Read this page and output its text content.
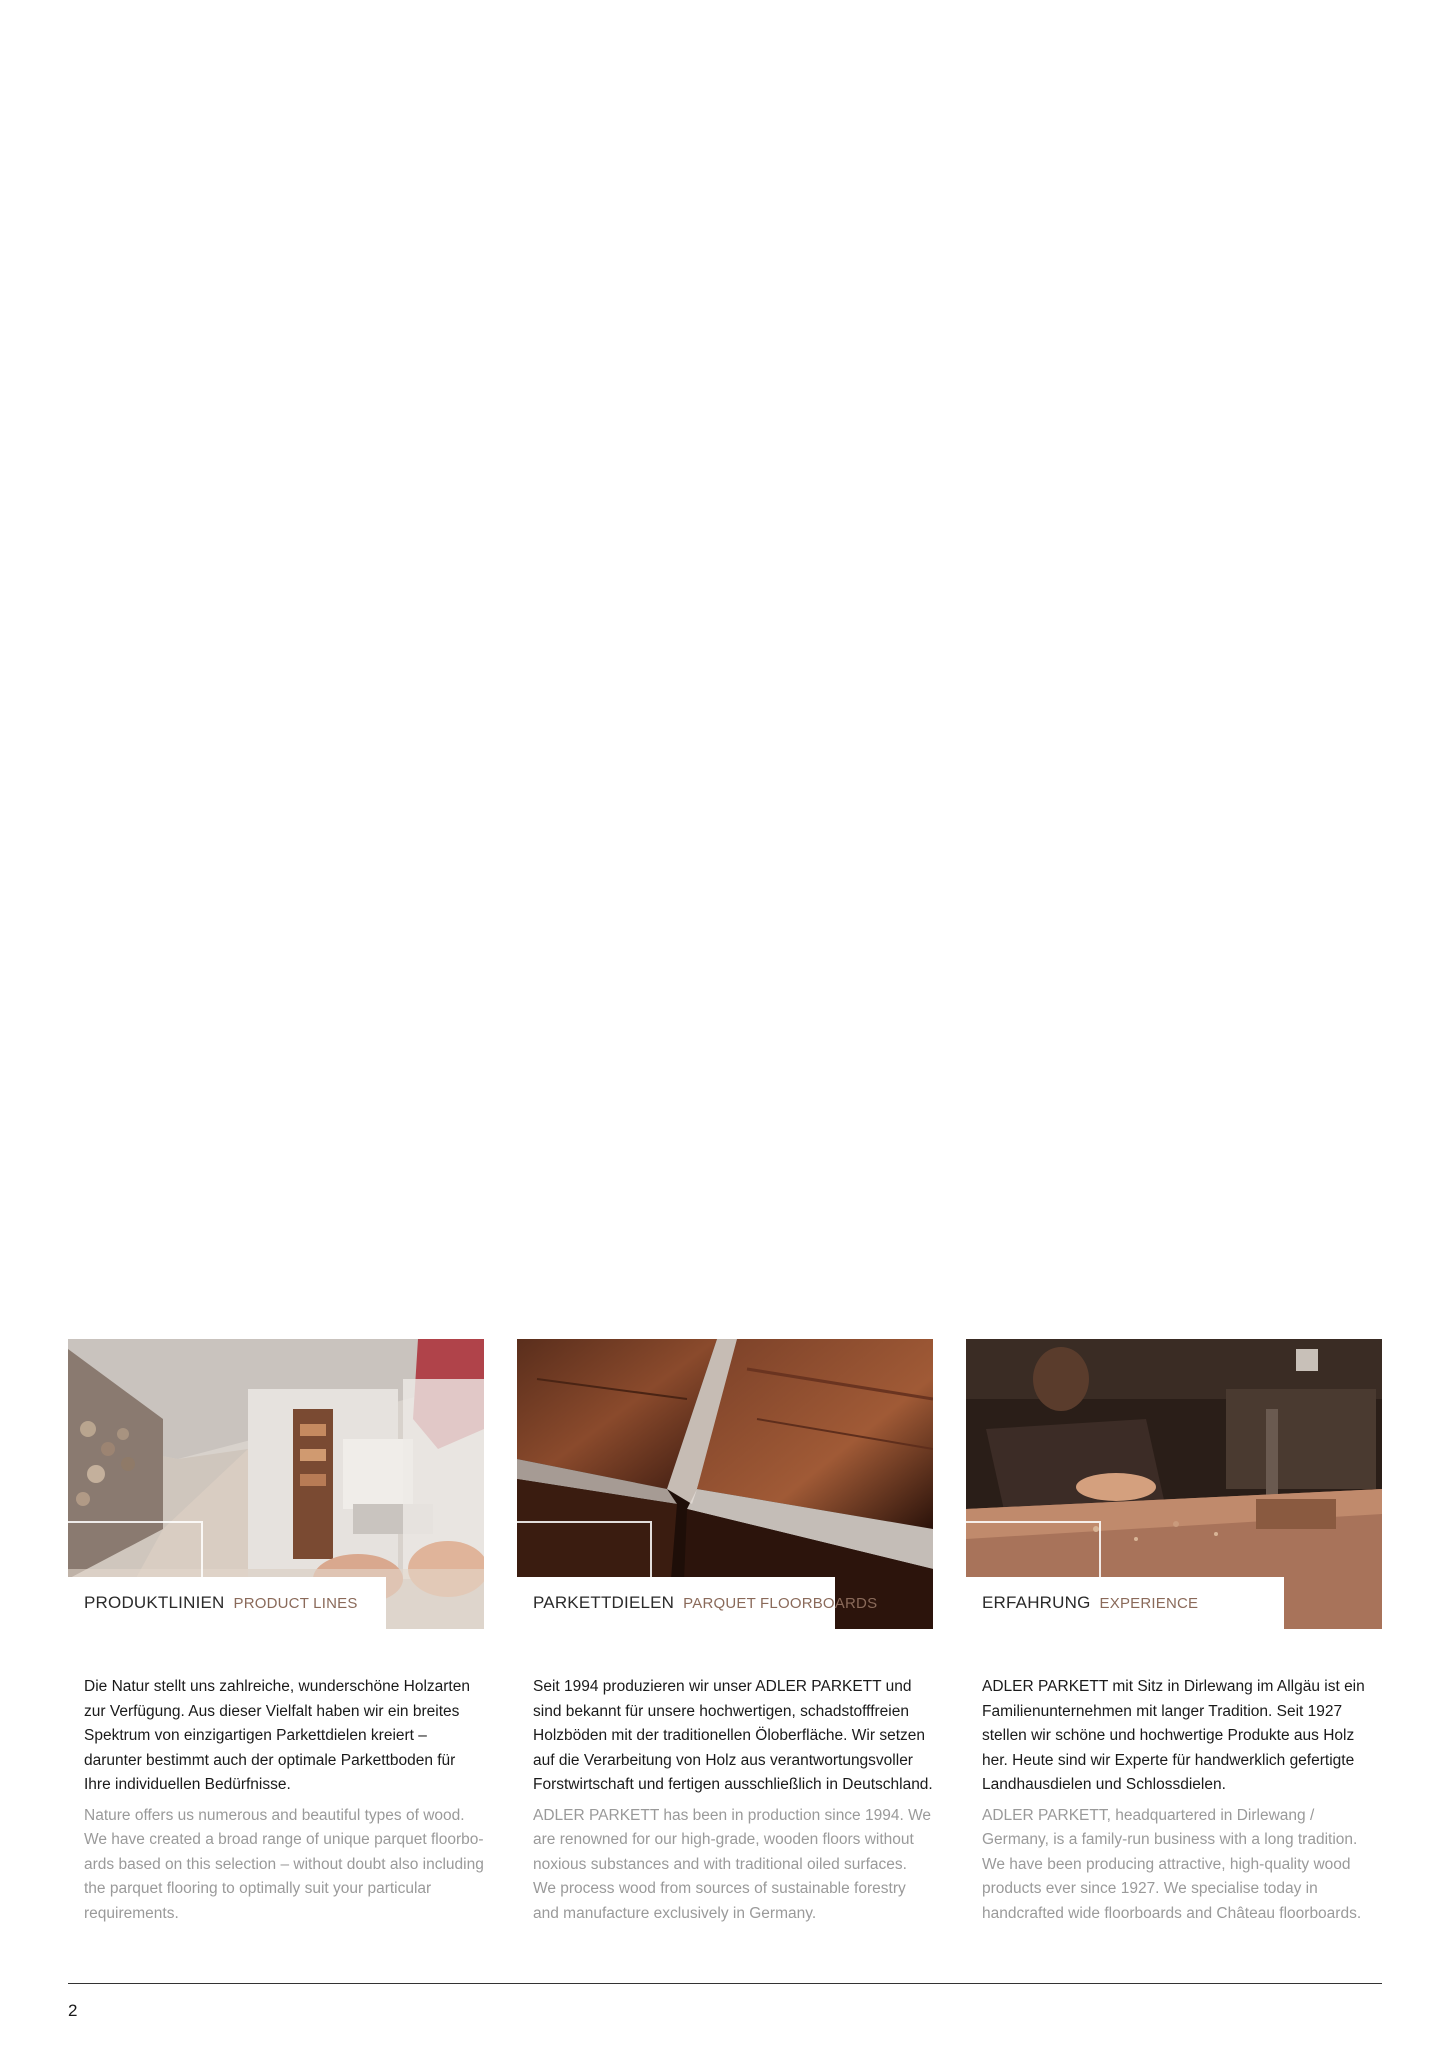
PRODUKTLINIEN PRODUCT LINES

Die Natur stellt uns zahlreiche, wunderschöne Holzarten zur Verfügung. Aus dieser Vielfalt haben wir ein breites Spektrum von einzigartigen Parkettdielen kreiert – darunter bestimmt auch der optimale Parkettboden für Ihre individuellen Bedürfnisse.

Nature offers us numerous and beautiful types of wood. We have created a broad range of unique parquet floorbo-ards based on this selection – without doubt also including the parquet flooring to optimally suit your particular requirements.

PARKETTDIELEN PARQUET FLOORBOARDS

Seit 1994 produzieren wir unser ADLER PARKETT und sind bekannt für unsere hochwertigen, schadstofffreien Holzböden mit der traditionellen Öloberfläche. Wir setzen auf die Verarbeitung von Holz aus verantwortungsvoller Forstwirtschaft und fertigen ausschließlich in Deutschland.

ADLER PARKETT has been in production since 1994. We are renowned for our high-grade, wooden floors without noxious substances and with traditional oiled surfaces. We process wood from sources of sustainable forestry and manufacture exclusively in Germany.

ERFAHRUNG EXPERIENCE

ADLER PARKETT mit Sitz in Dirlewang im Allgäu ist ein Familienunternehmen mit langer Tradition. Seit 1927 stellen wir schöne und hochwertige Produkte aus Holz her. Heute sind wir Experte für handwerklich gefertigte Landhausdielen und Schlossdielen.

ADLER PARKETT, headquartered in Dirlewang / Germany, is a family-run business with a long tradition. We have been producing attractive, high-quality wood products ever since 1927. We specialise today in handcrafted wide floorboards and Château floorboards.

2
